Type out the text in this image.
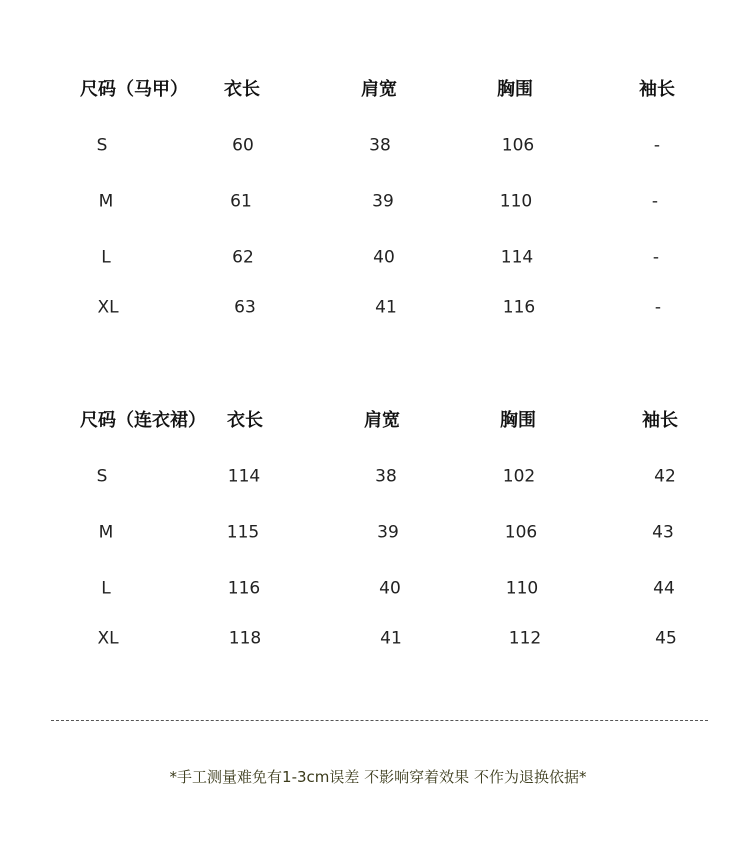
尺码（马甲） 衣长	肩宽	胸围	袖长
S	60	38	106	-
M	61	39	110	-
L	62	40	114	-
XL	63	41	116	-
尺码（连衣裙） 衣长	肩宽	胸围	袖长
S	114	38	102	42
M	115	39	106	43
L	116	40	110	44
XL	118	41	112	45
*手工测量难免有1-3cm误差 不影响穿着效果 不作为退换依据*
